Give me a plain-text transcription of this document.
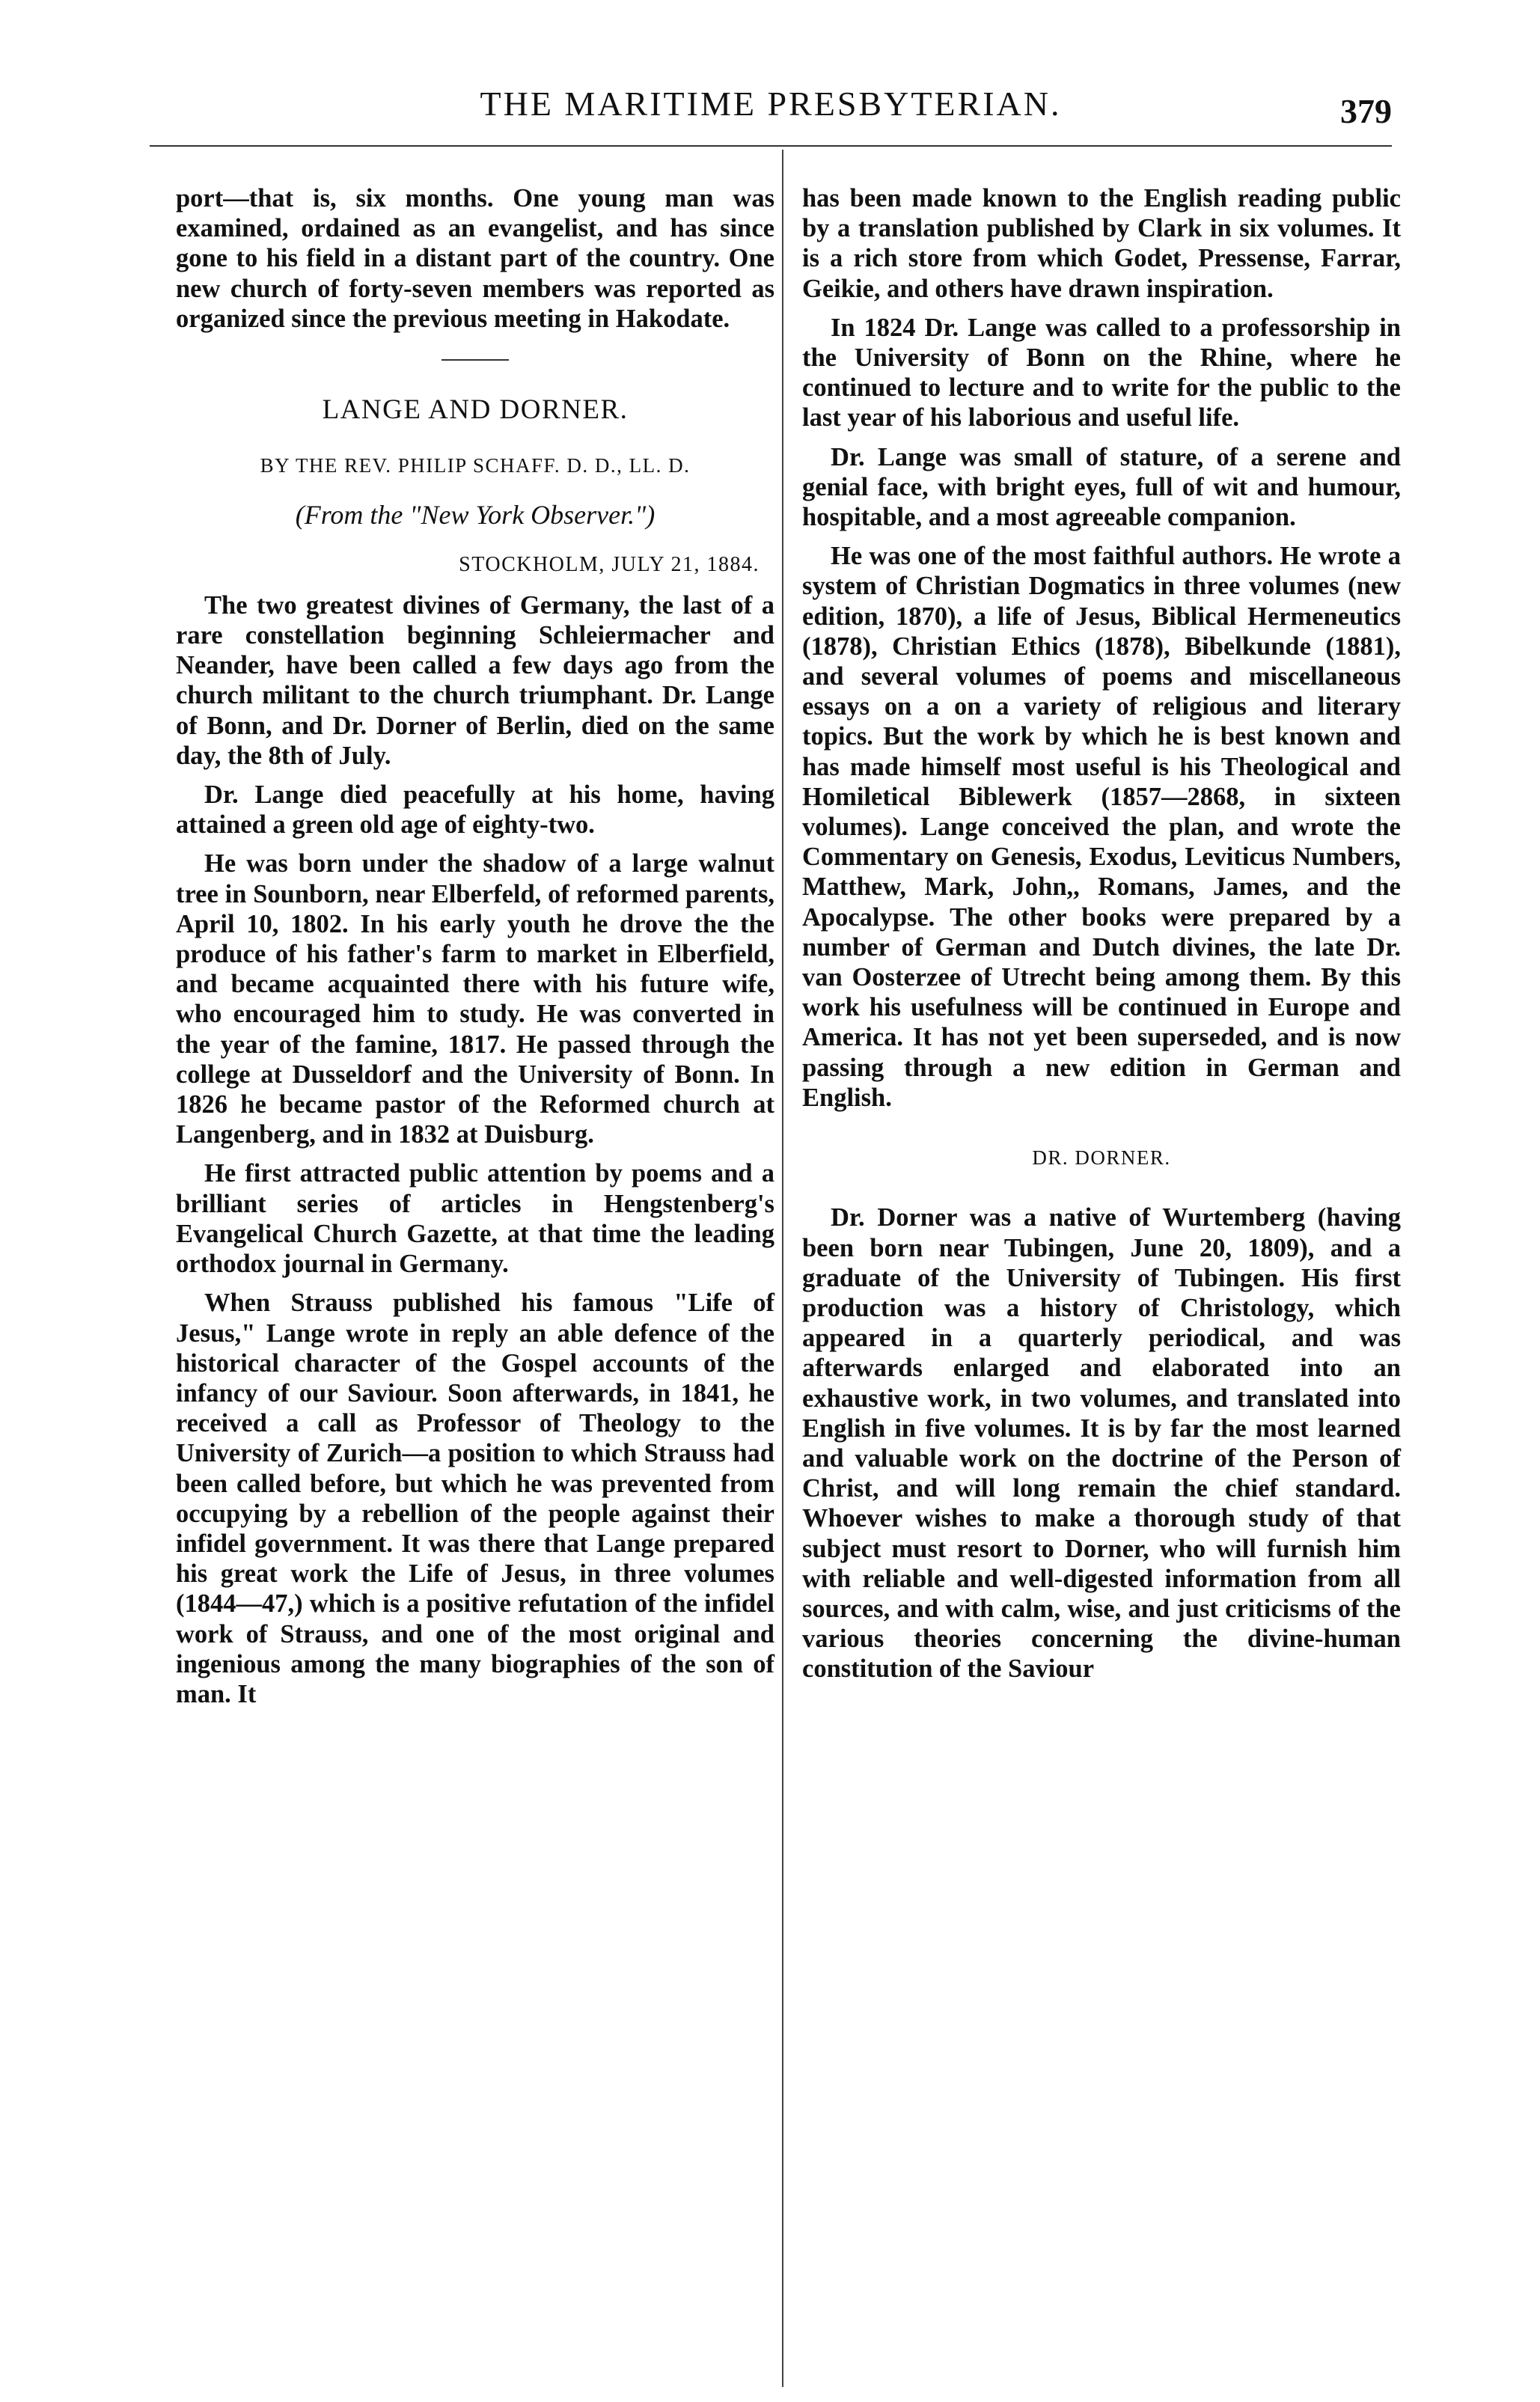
THE MARITIME PRESBYTERIAN.	379

port—that is, six months. One young man was examined, ordained as an evangelist, and has since gone to his field in a distant part of the country. One new church of forty-seven members was reported as organized since the previous meeting in Hakodate.

LANGE AND DORNER.
BY THE REV. PHILIP SCHAFF. D. D., LL. D.
(From the "New York Observer.")
STOCKHOLM, JULY 21, 1884.

The two greatest divines of Germany, the last of a rare constellation beginning Schleiermacher and Neander, have been called a few days ago from the church militant to the church triumphant. Dr. Lange of Bonn, and Dr. Dorner of Berlin, died on the same day, the 8th of July.

Dr. Lange died peacefully at his home, having attained a green old age of eighty-two.

He was born under the shadow of a large walnut tree in Sounborn, near Elberfeld, of reformed parents, April 10, 1802. In his early youth he drove the the produce of his father's farm to market in Elberfield, and became acquainted there with his future wife, who encouraged him to study. He was converted in the year of the famine, 1817. He passed through the college at Dusseldorf and the University of Bonn. In 1826 he became pastor of the Reformed church at Langenberg, and in 1832 at Duisburg.

He first attracted public attention by poems and a brilliant series of articles in Hengstenberg's Evangelical Church Gazette, at that time the leading orthodox journal in Germany.

When Strauss published his famous "Life of Jesus," Lange wrote in reply an able defence of the historical character of the Gospel accounts of the infancy of our Saviour. Soon afterwards, in 1841, he received a call as Professor of Theology to the University of Zurich—a position to which Strauss had been called before, but which he was prevented from occupying by a rebellion of the people against their infidel government. It was there that Lange prepared his great work the Life of Jesus, in three volumes (1844—47,) which is a positive refutation of the infidel work of Strauss, and one of the most original and ingenious among the many biographies of the son of man. It

has been made known to the English reading public by a translation published by Clark in six volumes. It is a rich store from which Godet, Pressense, Farrar, Geikie, and others have drawn inspiration.

In 1824 Dr. Lange was called to a professorship in the University of Bonn on the Rhine, where he continued to lecture and to write for the public to the last year of his laborious and useful life.

Dr. Lange was small of stature, of a serene and genial face, with bright eyes, full of wit and humour, hospitable, and a most agreeable companion.

He was one of the most faithful authors. He wrote a system of Christian Dogmatics in three volumes (new edition, 1870), a life of Jesus, Biblical Hermeneutics (1878), Christian Ethics (1878), Bibelkunde (1881), and several volumes of poems and miscellaneous essays on a on a variety of religious and literary topics. But the work by which he is best known and has made himself most useful is his Theological and Homiletical Biblewerk (1857—2868, in sixteen volumes). Lange conceived the plan, and wrote the Commentary on Genesis, Exodus, Leviticus Numbers, Matthew, Mark, John,, Romans, James, and the Apocalypse. The other books were prepared by a number of German and Dutch divines, the late Dr. van Oosterzee of Utrecht being among them. By this work his usefulness will be continued in Europe and America. It has not yet been superseded, and is now passing through a new edition in German and English.

DR. DORNER.

Dr. Dorner was a native of Wurtemberg (having been born near Tubingen, June 20, 1809), and a graduate of the University of Tubingen. His first production was a history of Christology, which appeared in a quarterly periodical, and was afterwards enlarged and elaborated into an exhaustive work, in two volumes, and translated into English in five volumes. It is by far the most learned and valuable work on the doctrine of the Person of Christ, and will long remain the chief standard. Whoever wishes to make a thorough study of that subject must resort to Dorner, who will furnish him with reliable and well-digested information from all sources, and with calm, wise, and just criticisms of the various theories concerning the divine-human constitution of the Saviour
